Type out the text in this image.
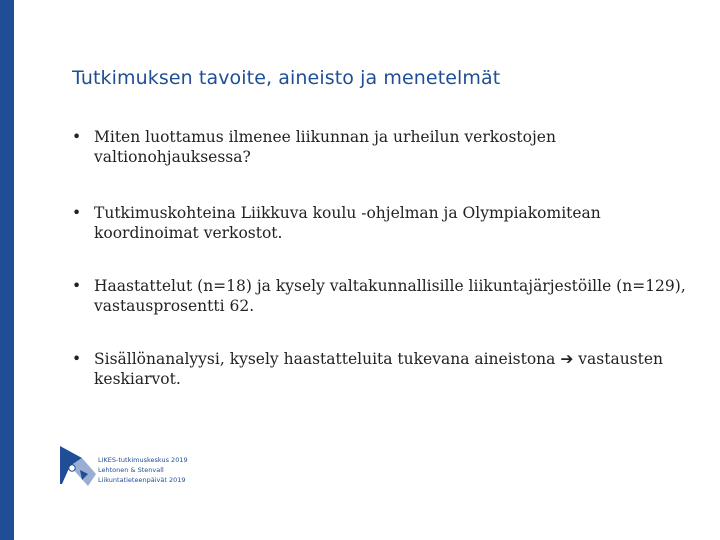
Tutkimuksen tavoite, aineisto ja menetelmät
• Miten luottamus ilmenee liikunnan ja urheilun verkostojen valtionohjauksessa?
• Tutkimuskohteina Liikkuva koulu -ohjelman ja Olympiakomitean koordinoimat verkostot.
• Haastattelut (n=18) ja kysely valtakunnallisille liikuntajärjestöille (n=129), vastausprosentti 62.
• Sisällönanalyysi, kysely haastatteluita tukevana aineistona ➔ vastausten keskiarvot.
LIKES-tutkimuskeskus 2019
Lehtonen & Stenvall
Liikuntatieteenpäivät 2019
